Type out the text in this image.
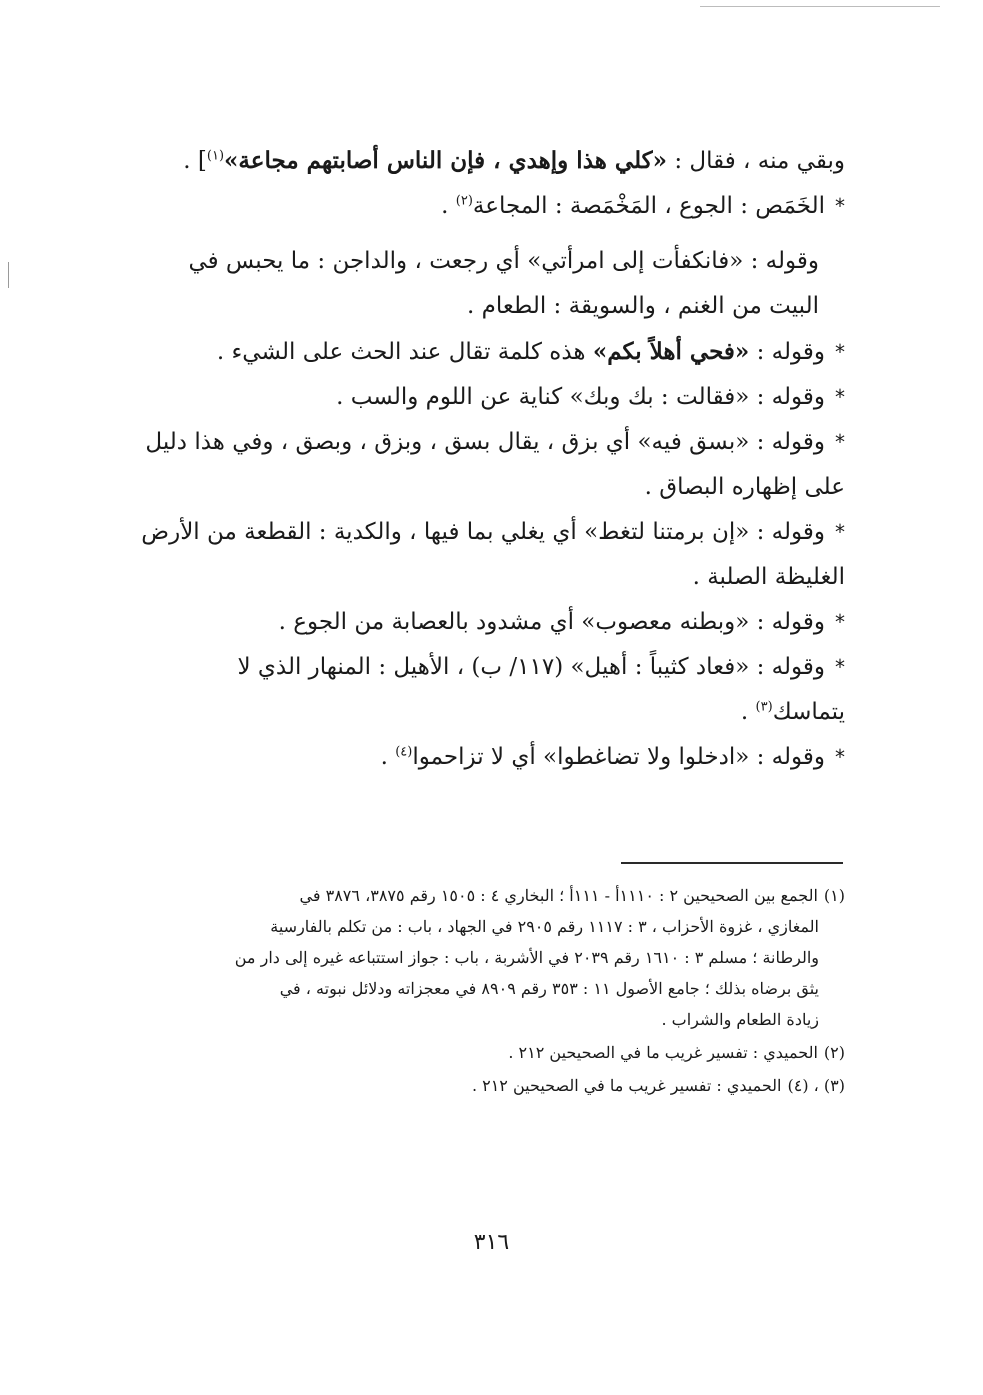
وبقي منه ، فقال : «كلي هذا وإهدي ، فإن الناس أصابتهم مجاعة»$^{(١)}$] .
*الخَمَص : الجوع ، المَخْمَصة : المجاعة$^{(٢)}$ .
وقوله : «فانكفأت إلى امرأتي» أي رجعت ، والداجن : ما يحبس في
البيت من الغنم ، والسويقة : الطعام .
*وقوله : «فحي أهلاً بكم» هذه كلمة تقال عند الحث على الشيء .
*وقوله : «فقالت : بك وبك» كناية عن اللوم والسب .
*وقوله : «بسق فيه» أي بزق ، يقال بسق ، وبزق ، وبصق ، وفي هذا دليل
على إظهاره البصاق .
*وقوله : «إن برمتنا لتغط» أي يغلي بما فيها ، والكدية : القطعة من الأرض
الغليظة الصلبة .
*وقوله : «وبطنه معصوب» أي مشدود بالعصابة من الجوع .
*وقوله : «فعاد كثيباً : أهيل» (١١٧/ ب) ، الأهيل : المنهار الذي لا
يتماسك$^{(٣)}$ .
*وقوله : «ادخلوا ولا تضاغطوا» أي لا تزاحموا$^{(٤)}$ .
(١)الجمع بين الصحيحين ٢ : ١١١٠أ - ١١١أ ؛ البخاري ٤ : ١٥٠٥ رقم ٣٨٧٥، ٣٨٧٦ في
المغازي ، غزوة الأحزاب ، ٣ : ١١١٧ رقم ٢٩٠٥ في الجهاد ، باب : من تكلم بالفارسية
والرطانة ؛ مسلم ٣ : ١٦١٠ رقم ٢٠٣٩ في الأشربة ، باب : جواز استتباعه غيره إلى دار من
يثق برضاه بذلك ؛ جامع الأصول ١١ : ٣٥٣ رقم ٨٩٠٩ في معجزاته ودلائل نبوته ، في
زيادة الطعام والشراب .
(٢)الحميدي : تفسير غريب ما في الصحيحين ٢١٢ .
(٣) ، (٤)الحميدي : تفسير غريب ما في الصحيحين ٢١٢ .
٣١٦
